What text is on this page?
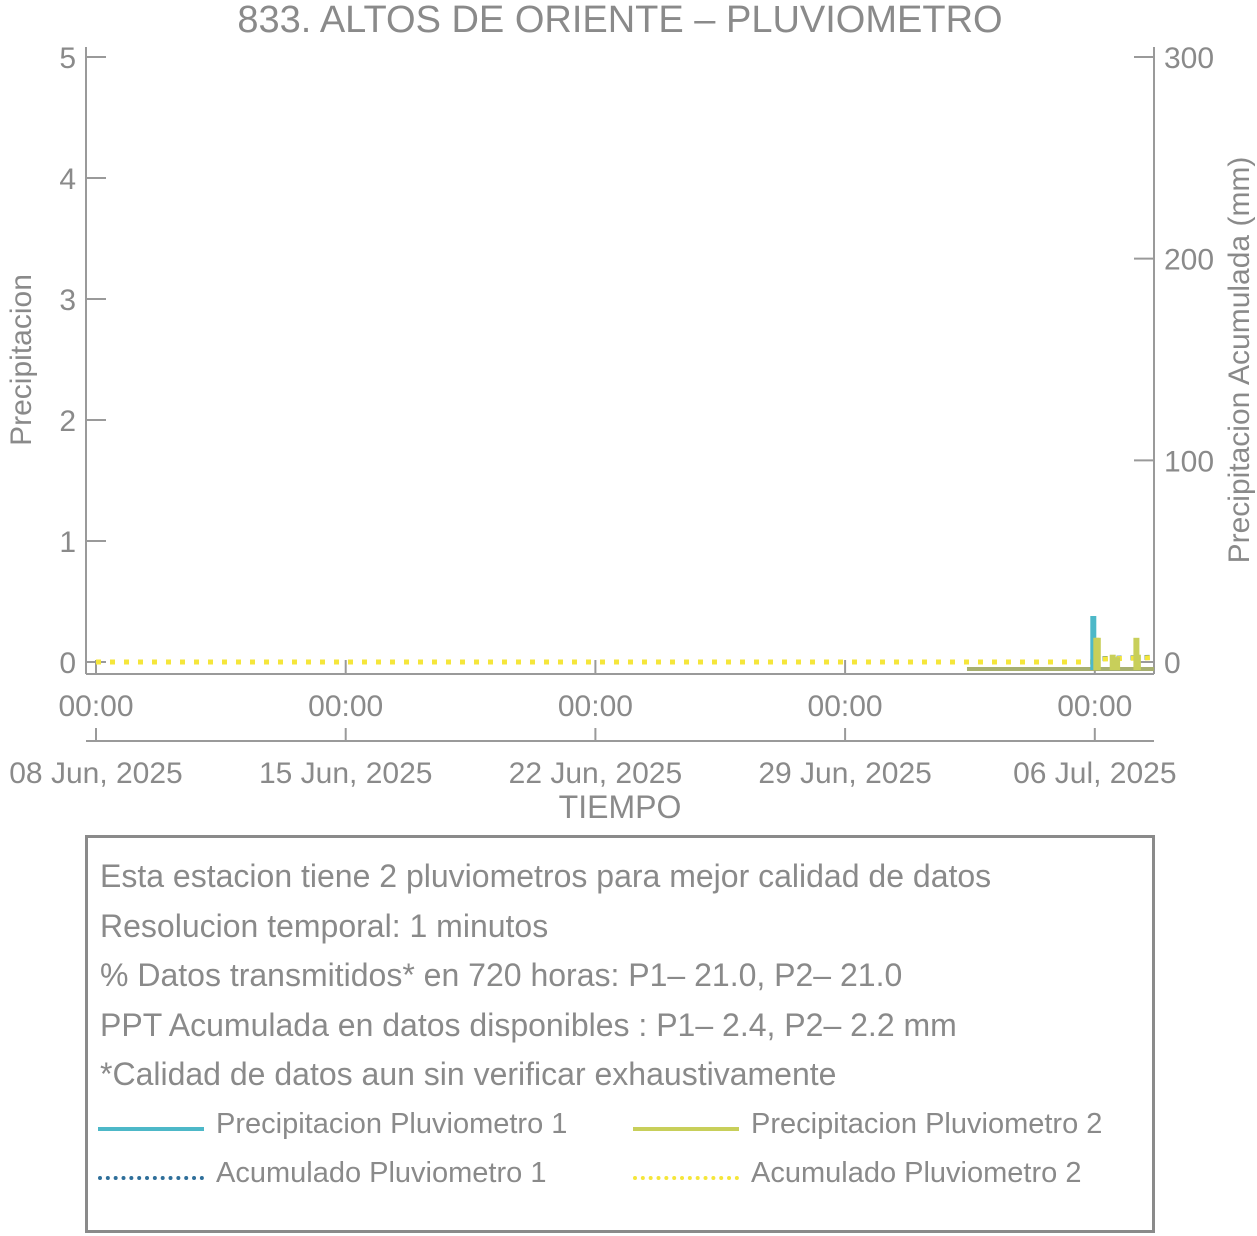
833. ALTOS DE ORIENTE – PLUVIOMETRO
0
1
2
3
4
5
0
100
200
300
00:00
08 Jun, 2025
00:00
15 Jun, 2025
00:00
22 Jun, 2025
00:00
29 Jun, 2025
00:00
06 Jul, 2025
Precipitacion	Precipitacion Acumulada (mm)
TIEMPO
Esta estacion tiene 2 pluviometros para mejor calidad de datos
Resolucion temporal: 1 minutos
% Datos transmitidos* en 720 horas: P1– 21.0, P2– 21.0
PPT Acumulada en datos disponibles : P1– 2.4, P2– 2.2 mm
*Calidad de datos aun sin verificar exhaustivamente
Precipitacion Pluviometro 1	Precipitacion Pluviometro 2
Acumulado Pluviometro 1	Acumulado Pluviometro 2
